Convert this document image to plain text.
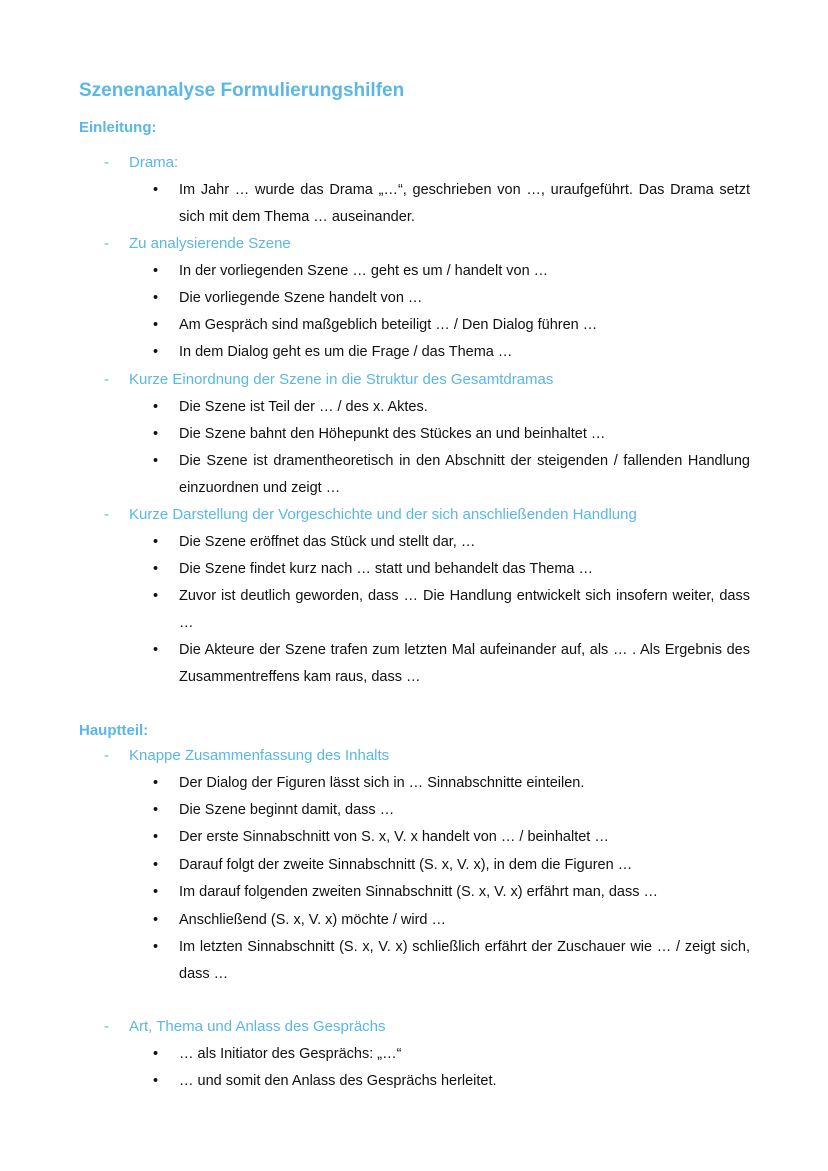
Szenenanalyse Formulierungshilfen
Einleitung:

- Drama:

•	Im Jahr … wurde das Drama „…“, geschrieben von …, uraufgeführt. Das Drama setzt sich mit dem Thema … auseinander.

- Zu analysierende Szene

•	In der vorliegenden Szene … geht es um / handelt von …
•	Die vorliegende Szene handelt von …
•	Am Gespräch sind maßgeblich beteiligt … / Den Dialog führen …
•	In dem Dialog geht es um die Frage / das Thema …

- Kurze Einordnung der Szene in die Struktur des Gesamtdramas

•	Die Szene ist Teil der … / des x. Aktes.
•	Die Szene bahnt den Höhepunkt des Stückes an und beinhaltet …
•	Die Szene ist dramentheoretisch in den Abschnitt der steigenden / fallenden Handlung einzuordnen und zeigt …

- Kurze Darstellung der Vorgeschichte und der sich anschließenden Handlung

•	Die Szene eröffnet das Stück und stellt dar, …
•	Die Szene findet kurz nach … statt und behandelt das Thema …
•	Zuvor ist deutlich geworden, dass … Die Handlung entwickelt sich insofern weiter, dass …
•	Die Akteure der Szene trafen zum letzten Mal aufeinander auf, als … . Als Ergebnis des Zusammentreffens kam raus, dass …
Hauptteil:

- Knappe Zusammenfassung des Inhalts

•	Der Dialog der Figuren lässt sich in … Sinnabschnitte einteilen.
•	Die Szene beginnt damit, dass …
•	Der erste Sinnabschnitt von S. x, V. x handelt von … / beinhaltet …
•	Darauf folgt der zweite Sinnabschnitt (S. x, V. x), in dem die Figuren …
•	Im darauf folgenden zweiten Sinnabschnitt (S. x, V. x) erfährt man, dass …
•	Anschließend (S. x, V. x) möchte / wird …
•	Im letzten Sinnabschnitt (S. x, V. x) schließlich erfährt der Zuschauer wie … / zeigt sich, dass …

- Art, Thema und Anlass des Gesprächs

•	… als Initiator des Gesprächs: „…“
•	… und somit den Anlass des Gesprächs herleitet.
